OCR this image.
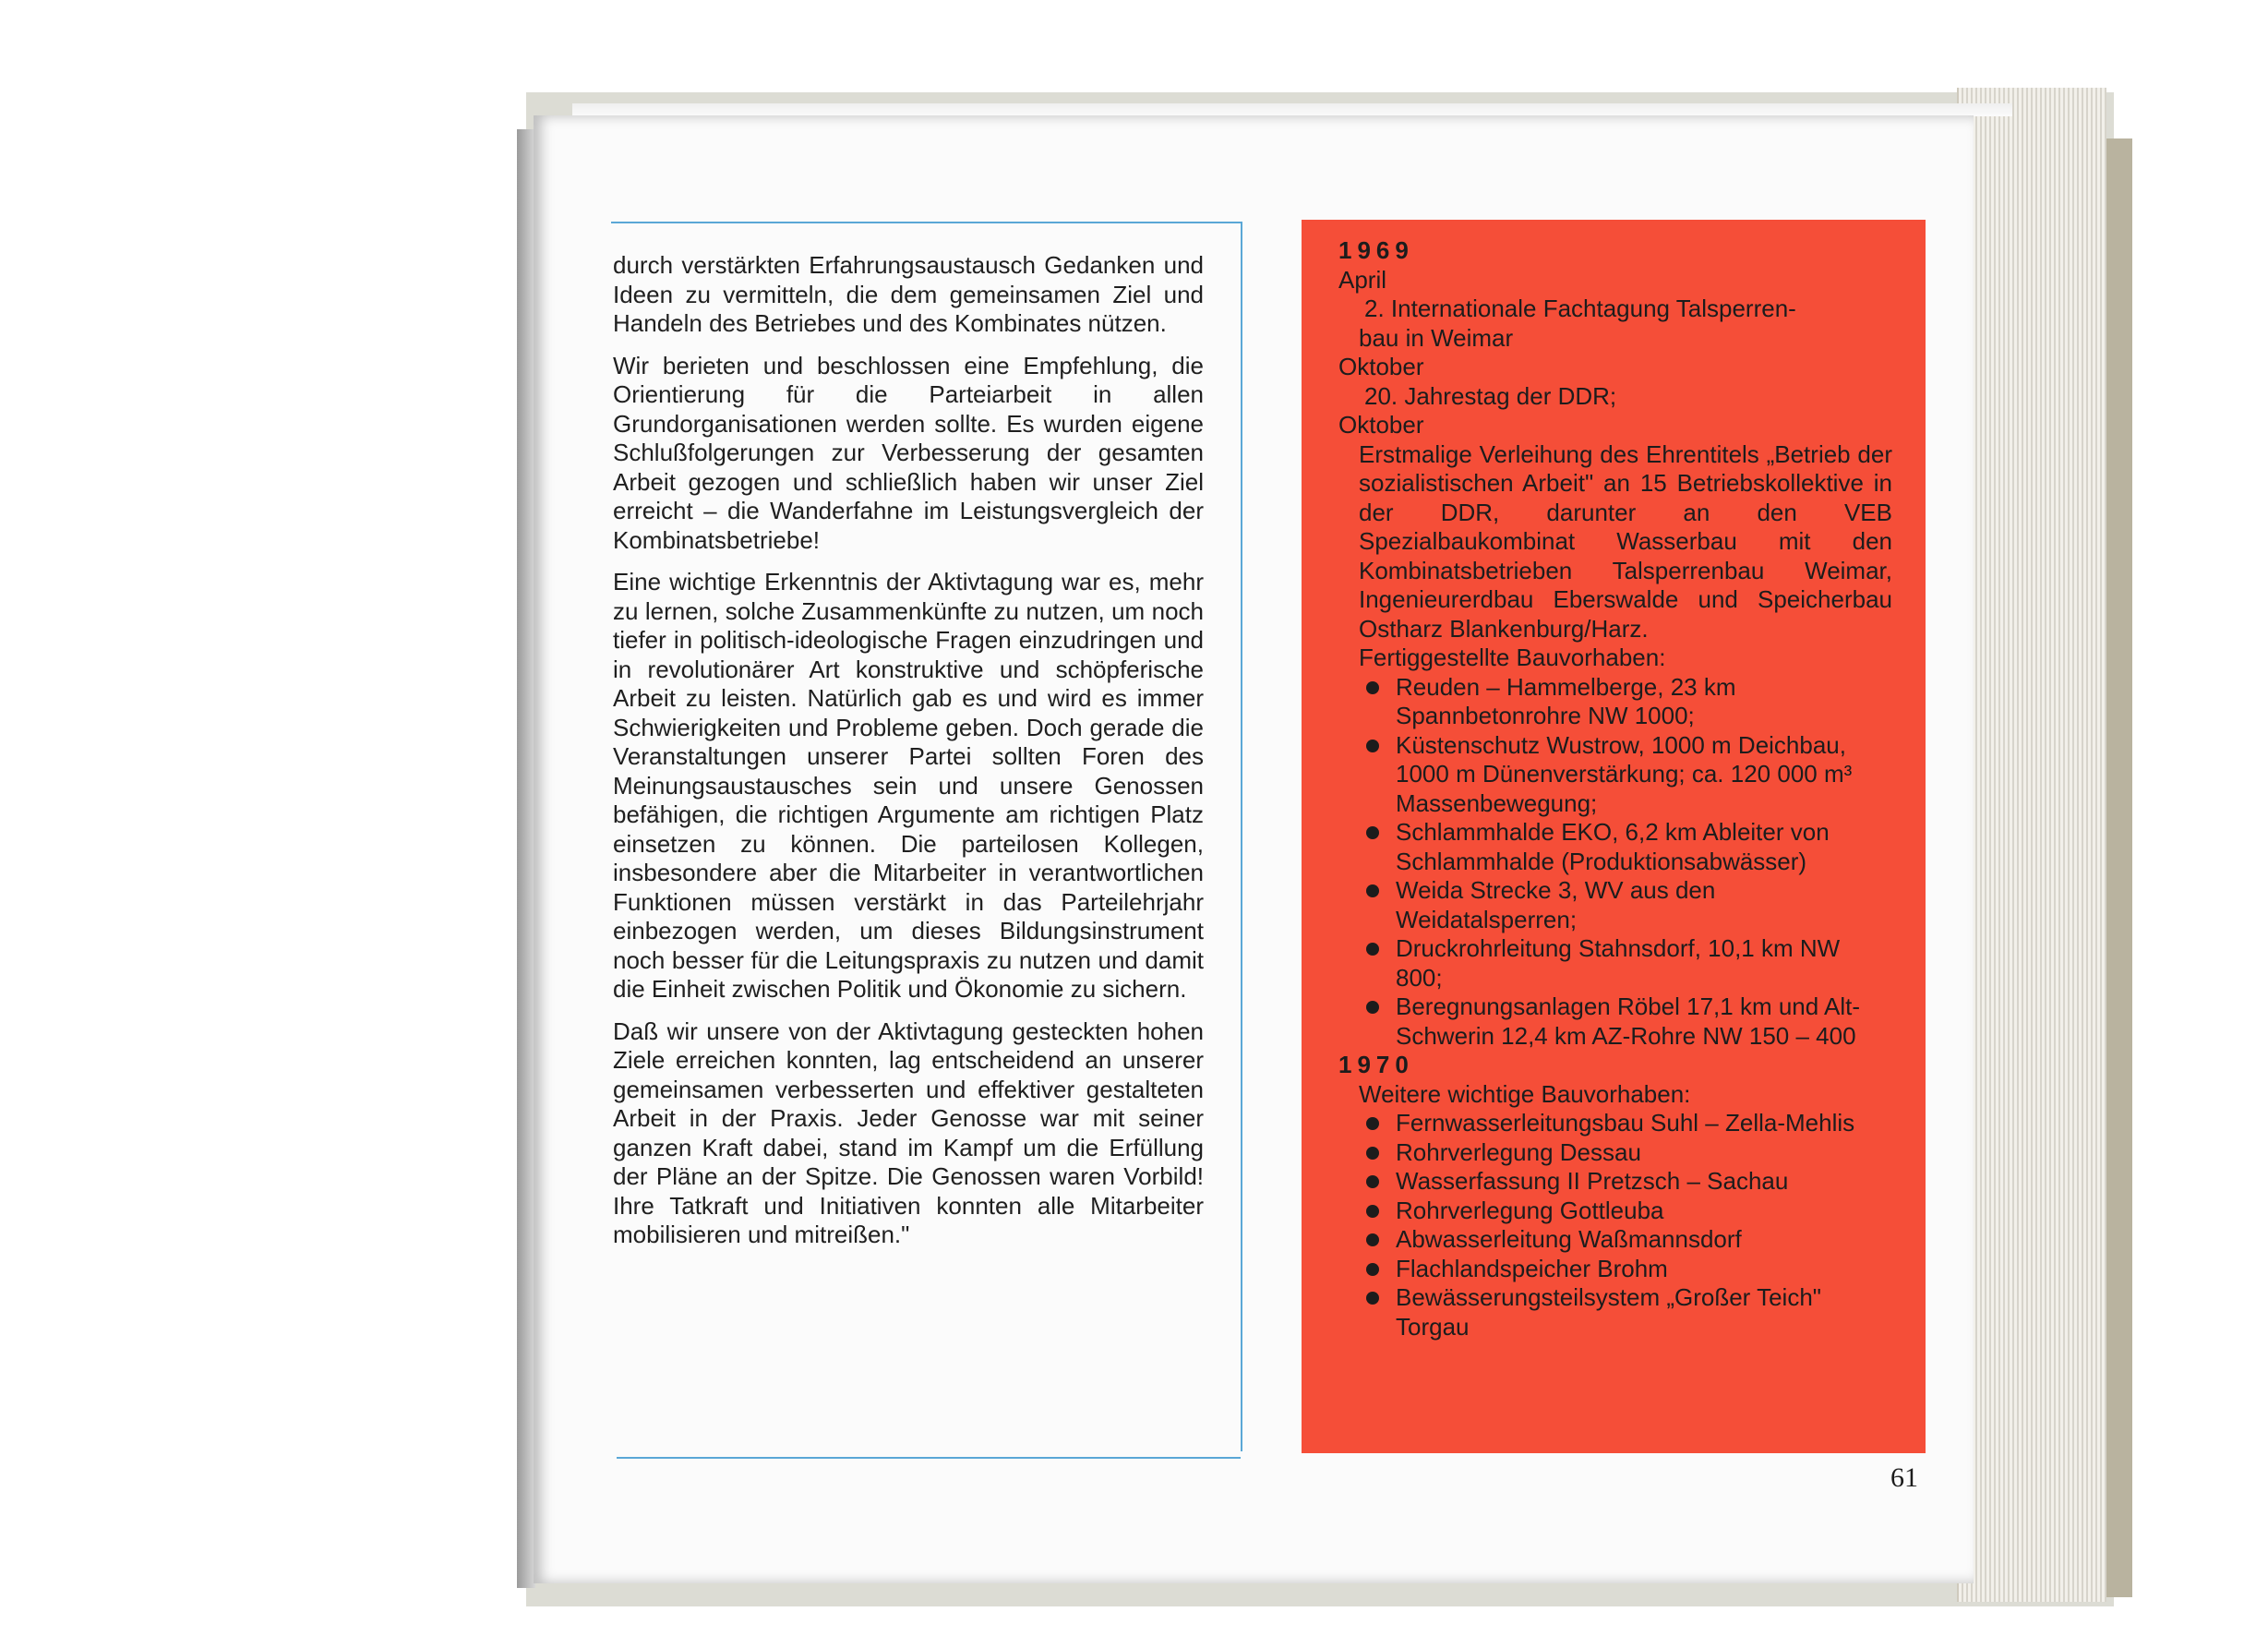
durch verstärkten Erfahrungsaustausch Gedanken und Ideen zu vermitteln, die dem gemeinsamen Ziel und Handeln des Betriebes und des Kombinates nützen.

Wir berieten und beschlossen eine Empfehlung, die Orientierung für die Parteiarbeit in allen Grundorganisationen werden sollte. Es wurden eigene Schlußfolgerungen zur Verbesserung der gesamten Arbeit gezogen und schließlich haben wir unser Ziel erreicht – die Wanderfahne im Leistungsvergleich der Kombinatsbetriebe!

Eine wichtige Erkenntnis der Aktivtagung war es, mehr zu lernen, solche Zusammenkünfte zu nutzen, um noch tiefer in politisch-ideologische Fragen einzudringen und in revolutionärer Art konstruktive und schöpferische Arbeit zu leisten. Natürlich gab es und wird es immer Schwierigkeiten und Probleme geben. Doch gerade die Veranstaltungen unserer Partei sollten Foren des Meinungsaustausches sein und unsere Genossen befähigen, die richtigen Argumente am richtigen Platz einsetzen zu können. Die parteilosen Kollegen, insbesondere aber die Mitarbeiter in verantwortlichen Funktionen müssen verstärkt in das Parteilehrjahr einbezogen werden, um dieses Bildungsinstrument noch besser für die Leitungspraxis zu nutzen und damit die Einheit zwischen Politik und Ökonomie zu sichern.

Daß wir unsere von der Aktivtagung gesteckten hohen Ziele erreichen konnten, lag entscheidend an unserer gemeinsamen verbesserten und effektiver gestalteten Arbeit in der Praxis. Jeder Genosse war mit seiner ganzen Kraft dabei, stand im Kampf um die Erfüllung der Pläne an der Spitze. Die Genossen waren Vorbild! Ihre Tatkraft und Initiativen konnten alle Mitarbeiter mobilisieren und mitreißen."

1969
April
2. Internationale Fachtagung Talsperren-
bau in Weimar
Oktober
20. Jahrestag der DDR;
Oktober
Erstmalige Verleihung des Ehrentitels „Betrieb der sozialistischen Arbeit" an 15 Betriebskollektive in der DDR, darunter an den VEB Spezialbaukombinat Wasserbau mit den Kombinatsbetrieben Talsperrenbau Weimar, Ingenieurerdbau Eberswalde und Speicherbau Ostharz Blankenburg/Harz.
Fertiggestellte Bauvorhaben:
Reuden – Hammelberge, 23 km Spannbetonrohre NW 1000;
Küstenschutz Wustrow, 1000 m Deichbau, 1000 m Dünenverstärkung; ca. 120 000 m³ Massenbewegung;
Schlammhalde EKO, 6,2 km Ableiter von Schlammhalde (Produktionsabwässer)
Weida Strecke 3, WV aus den Weidatalsperren;
Druckrohrleitung Stahnsdorf, 10,1 km NW 800;
Beregnungsanlagen Röbel 17,1 km und Alt-Schwerin 12,4 km AZ-Rohre NW 150 – 400
1970
Weitere wichtige Bauvorhaben:
Fernwasserleitungsbau Suhl – Zella-Mehlis
Rohrverlegung Dessau
Wasserfassung II Pretzsch – Sachau
Rohrverlegung Gottleuba
Abwasserleitung Waßmannsdorf
Flachlandspeicher Brohm
Bewässerungsteilsystem „Großer Teich" Torgau
61
